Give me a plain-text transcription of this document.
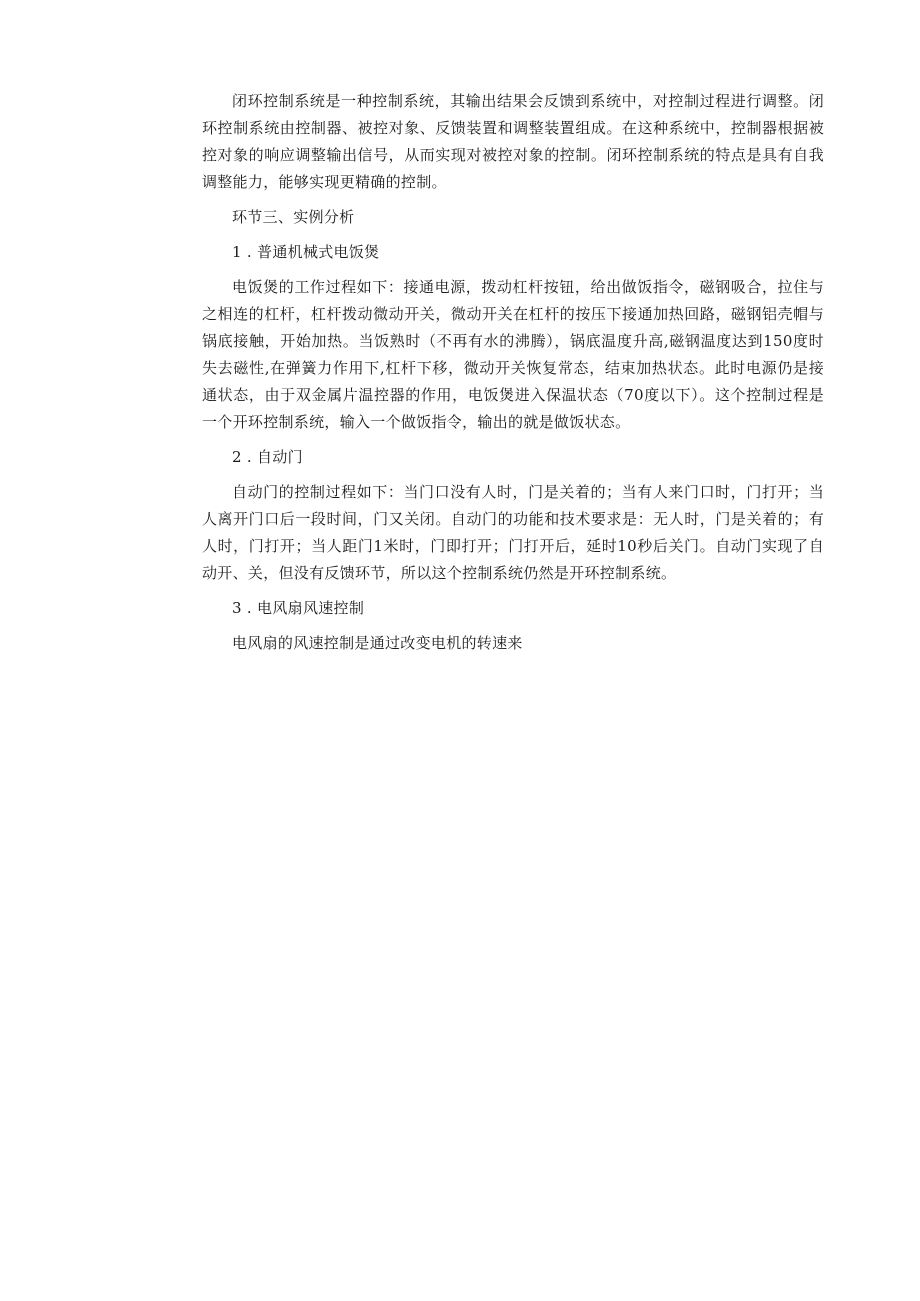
闭环控制系统是一种控制系统，其输出结果会反馈到系统中，对控制过程进行调整。闭环控制系统由控制器、被控对象、反馈装置和调整装置组成。在这种系统中，控制器根据被控对象的响应调整输出信号，从而实现对被控对象的控制。闭环控制系统的特点是具有自我调整能力，能够实现更精确的控制。

环节三、实例分析

1 . 普通机械式电饭煲

电饭煲的工作过程如下：接通电源，拨动杠杆按钮，给出做饭指令，磁钢吸合，拉住与之相连的杠杆，杠杆拨动微动开关，微动开关在杠杆的按压下接通加热回路，磁钢铝壳帽与锅底接触，开始加热。当饭熟时（不再有水的沸腾），锅底温度升高,磁钢温度达到150度时失去磁性,在弹簧力作用下,杠杆下移，微动开关恢复常态，结束加热状态。此时电源仍是接通状态，由于双金属片温控器的作用，电饭煲进入保温状态（70度以下）。这个控制过程是一个开环控制系统，输入一个做饭指令，输出的就是做饭状态。

2 . 自动门

自动门的控制过程如下：当门口没有人时，门是关着的；当有人来门口时，门打开；当人离开门口后一段时间，门又关闭。自动门的功能和技术要求是：无人时，门是关着的；有人时，门打开；当人距门1米时，门即打开；门打开后，延时10秒后关门。自动门实现了自动开、关，但没有反馈环节，所以这个控制系统仍然是开环控制系统。

3 . 电风扇风速控制

电风扇的风速控制是通过改变电机的转速来
